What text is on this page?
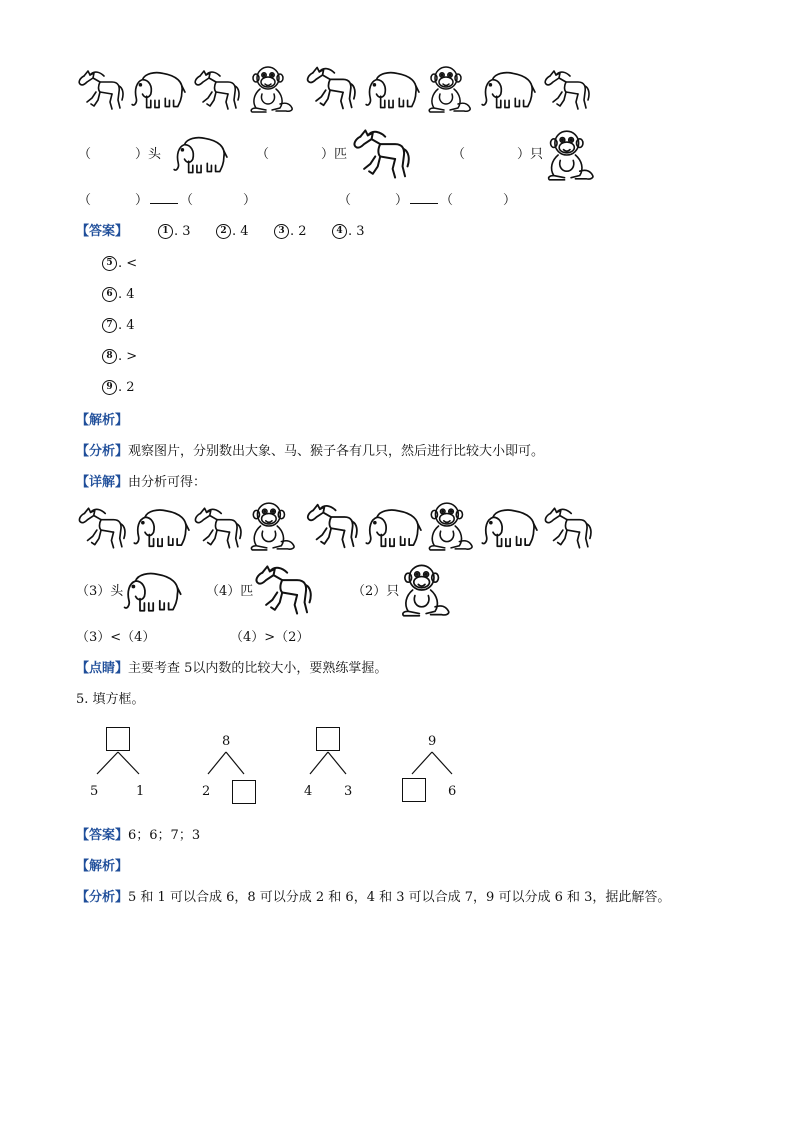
（	）头	（	）匹	（	）只
（	） （	）	（	） （	）
【答案】	1 . 3	2 . 4	3 . 2	4 . 3
5 . <
6 . 4
7 . 4
8 . >
9 . 2
【解析】
【分析】观察图片，分别数出大象、马、猴子各有几只，然后进行比较大小即可。
【详解】由分析可得：
（3）头	（4）匹	（2）只
（3）<（4）	（4）>（2）
【点睛】主要考查 5以内数的比较大小，要熟练掌握。
5. 填方框。
5	1
8
2	4 3
9
6
【答案】6；6；7；3
【解析】
【分析】5 和 1 可以合成 6，8 可以分成 2 和 6，4 和 3 可以合成 7，9 可以分成 6 和 3，据此解答。
